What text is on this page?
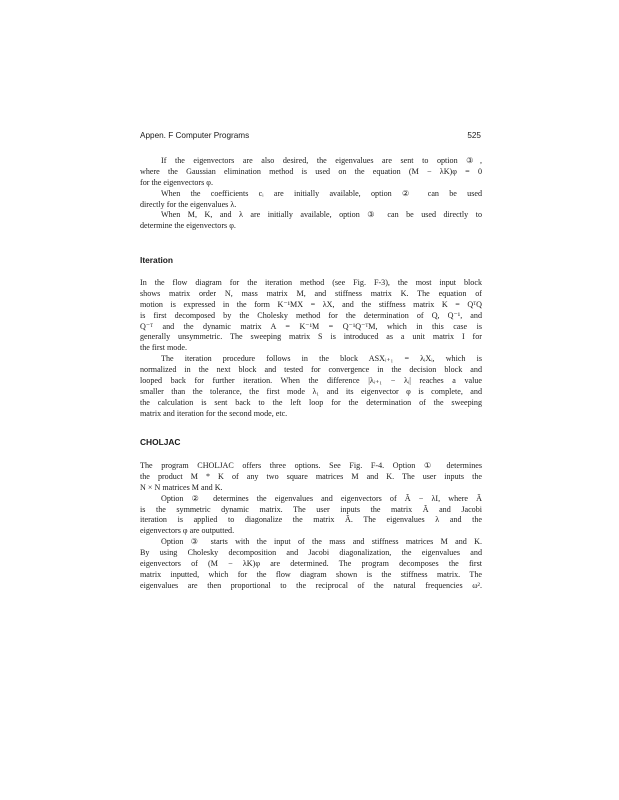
Appen. F Computer Programs	525
If the eigenvectors are also desired, the eigenvalues are sent to option ③,
where the Gaussian elimination method is used on the equation (M − λK)φ = 0
for the eigenvectors φ.
When the coefficients cᵢ are initially available, option ② can be used
directly for the eigenvalues λ.
When M, K, and λ are initially available, option ③ can be used directly to
determine the eigenvectors φ.
Iteration
In the flow diagram for the iteration method (see Fig. F-3), the most input block
shows matrix order N, mass matrix M, and stiffness matrix K. The equation of
motion is expressed in the form K⁻¹MX = λX, and the stiffness matrix K = QᵀQ
is first decomposed by the Cholesky method for the determination of Q, Q⁻¹, and
Q⁻ᵀ and the dynamic matrix A = K⁻¹M = Q⁻¹Q⁻ᵀM, which in this case is
generally unsymmetric. The sweeping matrix S is introduced as a unit matrix I for
the first mode.
The iteration procedure follows in the block ASXᵢ₊₁ = λᵢXᵢ, which is
normalized in the next block and tested for convergence in the decision block and
looped back for further iteration. When the difference |λᵢ₊₁ − λᵢ| reaches a value
smaller than the tolerance, the first mode λ₁ and its eigenvector φ is complete, and
the calculation is sent back to the left loop for the determination of the sweeping
matrix and iteration for the second mode, etc.
CHOLJAC
The program CHOLJAC offers three options. See Fig. F-4. Option ① determines
the product M * K of any two square matrices M and K. The user inputs the
N × N matrices M and K.
Option ② determines the eigenvalues and eigenvectors of Ã − λI, where Ã
is the symmetric dynamic matrix. The user inputs the matrix Ã and Jacobi
iteration is applied to diagonalize the matrix Ã. The eigenvalues λ and the
eigenvectors φ are outputted.
Option ③ starts with the input of the mass and stiffness matrices M and K.
By using Cholesky decomposition and Jacobi diagonalization, the eigenvalues and
eigenvectors of (M − λK)φ are determined. The program decomposes the first
matrix inputted, which for the flow diagram shown is the stiffness matrix. The
eigenvalues are then proportional to the reciprocal of the natural frequencies ω².
